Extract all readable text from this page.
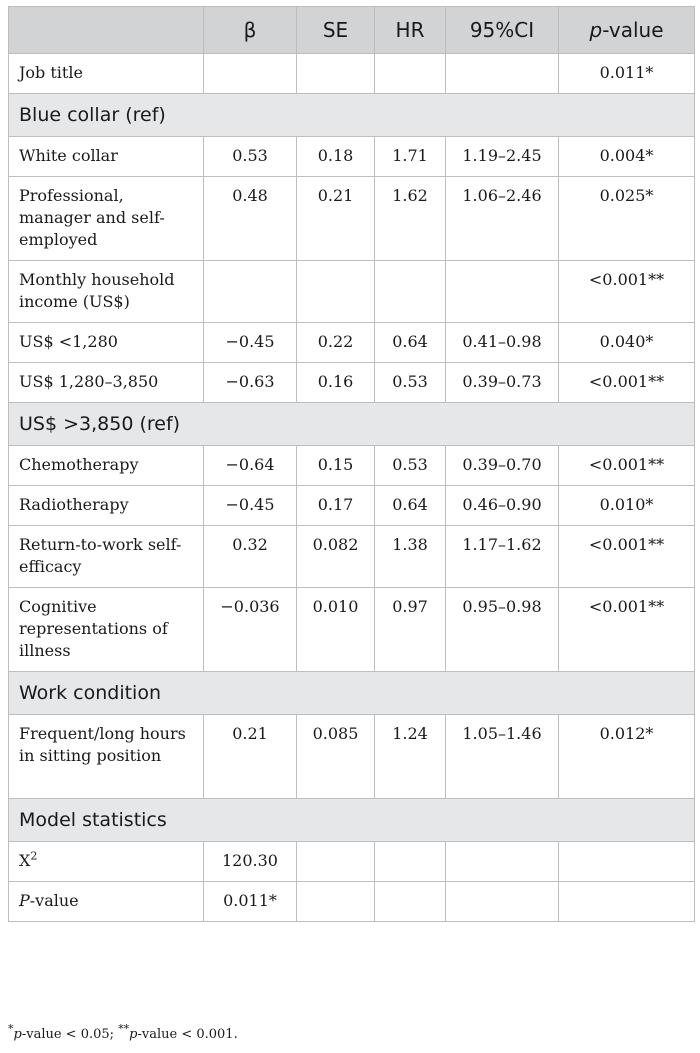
	β	SE	HR	95%CI	p-value
Job title					0.011*
Blue collar (ref)					
White collar	0.53	0.18	1.71	1.19–2.45	0.004*
Professional, manager and self-employed	0.48	0.21	1.62	1.06–2.46	0.025*
Monthly household income (US$)					<0.001**
US$ <1,280	−0.45	0.22	0.64	0.41–0.98	0.040*
US$ 1,280–3,850	−0.63	0.16	0.53	0.39–0.73	<0.001**
US$ >3,850 (ref)					
Chemotherapy	−0.64	0.15	0.53	0.39–0.70	<0.001**
Radiotherapy	−0.45	0.17	0.64	0.46–0.90	0.010*
Return-to-work self-efficacy	0.32	0.082	1.38	1.17–1.62	<0.001**
Cognitive representations of illness	−0.036	0.010	0.97	0.95–0.98	<0.001**
Work condition					
Frequent/long hours in sitting position	0.21	0.085	1.24	1.05–1.46	0.012*
Model statistics					
$X^2$	120.30				
P-value	0.011*				
*p-value < 0.05; **p-value < 0.001.
